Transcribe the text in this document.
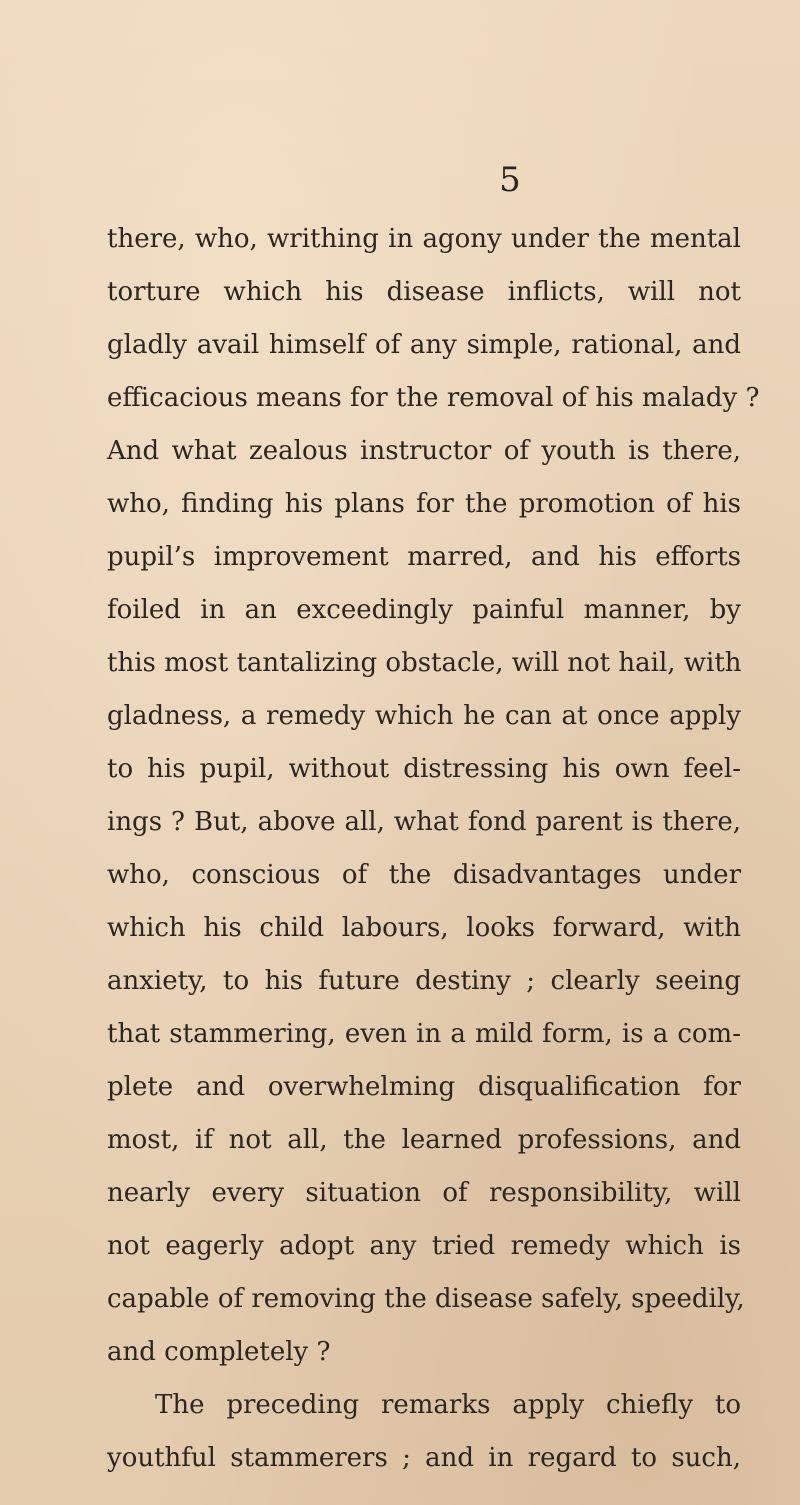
5
there, who, writhing in agony under the mental
torture which his disease inflicts, will not
gladly avail himself of any simple, rational, and
efficacious means for the removal of his malady ?
And what zealous instructor of youth is there,
who, finding his plans for the promotion of his
pupil’s improvement marred, and his efforts
foiled in an exceedingly painful manner, by
this most tantalizing obstacle, will not hail, with
gladness, a remedy which he can at once apply
to his pupil, without distressing his own feel-
ings ? But, above all, what fond parent is there,
who, conscious of the disadvantages under
which his child labours, looks forward, with
anxiety, to his future destiny ; clearly seeing
that stammering, even in a mild form, is a com-
plete and overwhelming disqualification for
most, if not all, the learned professions, and
nearly every situation of responsibility, will
not eagerly adopt any tried remedy which is
capable of removing the disease safely, speedily,
and completely ?
The preceding remarks apply chiefly to
youthful stammerers ; and in regard to such,
